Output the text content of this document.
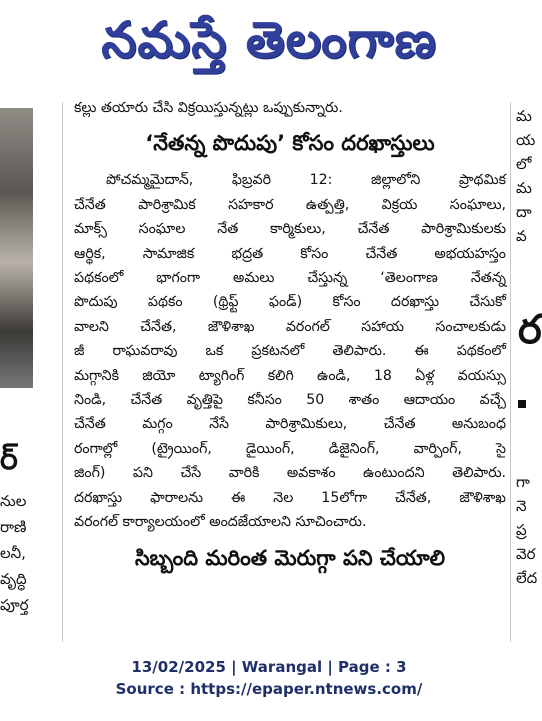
నమస్తే తెలంగాణ
ర్
నుల
రాణి
లనీ,
వృద్ధి
పూర్త
కల్లు తయారు చేసి విక్రయిస్తున్నట్లు ఒప్పుకున్నారు.
‘నేతన్న పొదుపు’ కోసం దరఖాస్తులు
పోచమ్మమైదాన్, ఫిబ్రవరి 12: జిల్లాలోని ప్రాథమిక
చేనేత పారిశ్రామిక సహకార ఉత్పత్తి, విక్రయ సంఘాలు,
మాక్స్ సంఘాల నేత కార్మికులు, చేనేత పారిశ్రామికులకు
ఆర్థిక, సామాజిక భద్రత కోసం చేనేత అభయహస్తం
పథకంలో భాగంగా అమలు చేస్తున్న ‘తెలంగాణ నేతన్న
పొదుపు పథకం (థ్రిఫ్ట్ ఫండ్) కోసం దరఖాస్తు చేసుకో
వాలని చేనేత, జౌళిశాఖ వరంగల్ సహాయ సంచాలకుడు
జీ రాఘవరావు ఒక ప్రకటనలో తెలిపారు. ఈ పథకంలో
మగ్గానికి జియో ట్యాగింగ్ కలిగి ఉండి, 18 ఏళ్ల వయస్సు
నిండి, చేనేత వృత్తిపై కనీసం 50 శాతం ఆదాయం వచ్చే
చేనేత మగ్గం నేసే పారిశ్రామికులు, చేనేత అనుబంధ
రంగాల్లో (ట్రైయింగ్, డైయింగ్, డిజైనింగ్, వార్పింగ్, సై
జింగ్) పని చేసే వారికి అవకాశం ఉంటుందని తెలిపారు.
దరఖాస్తు ఫారాలను ఈ నెల 15లోగా చేనేత, జౌళిశాఖ
వరంగల్ కార్యాలయంలో అందజేయాలని సూచించారు.
సిబ్బంది మరింత మెరుగ్గా పని చేయాలి
మ
య
లో
మ
దా
వ
ర
గా
నె
ప్ర
వెర
లేద
13/02/2025 | Warangal | Page : 3
Source : https://epaper.ntnews.com/
